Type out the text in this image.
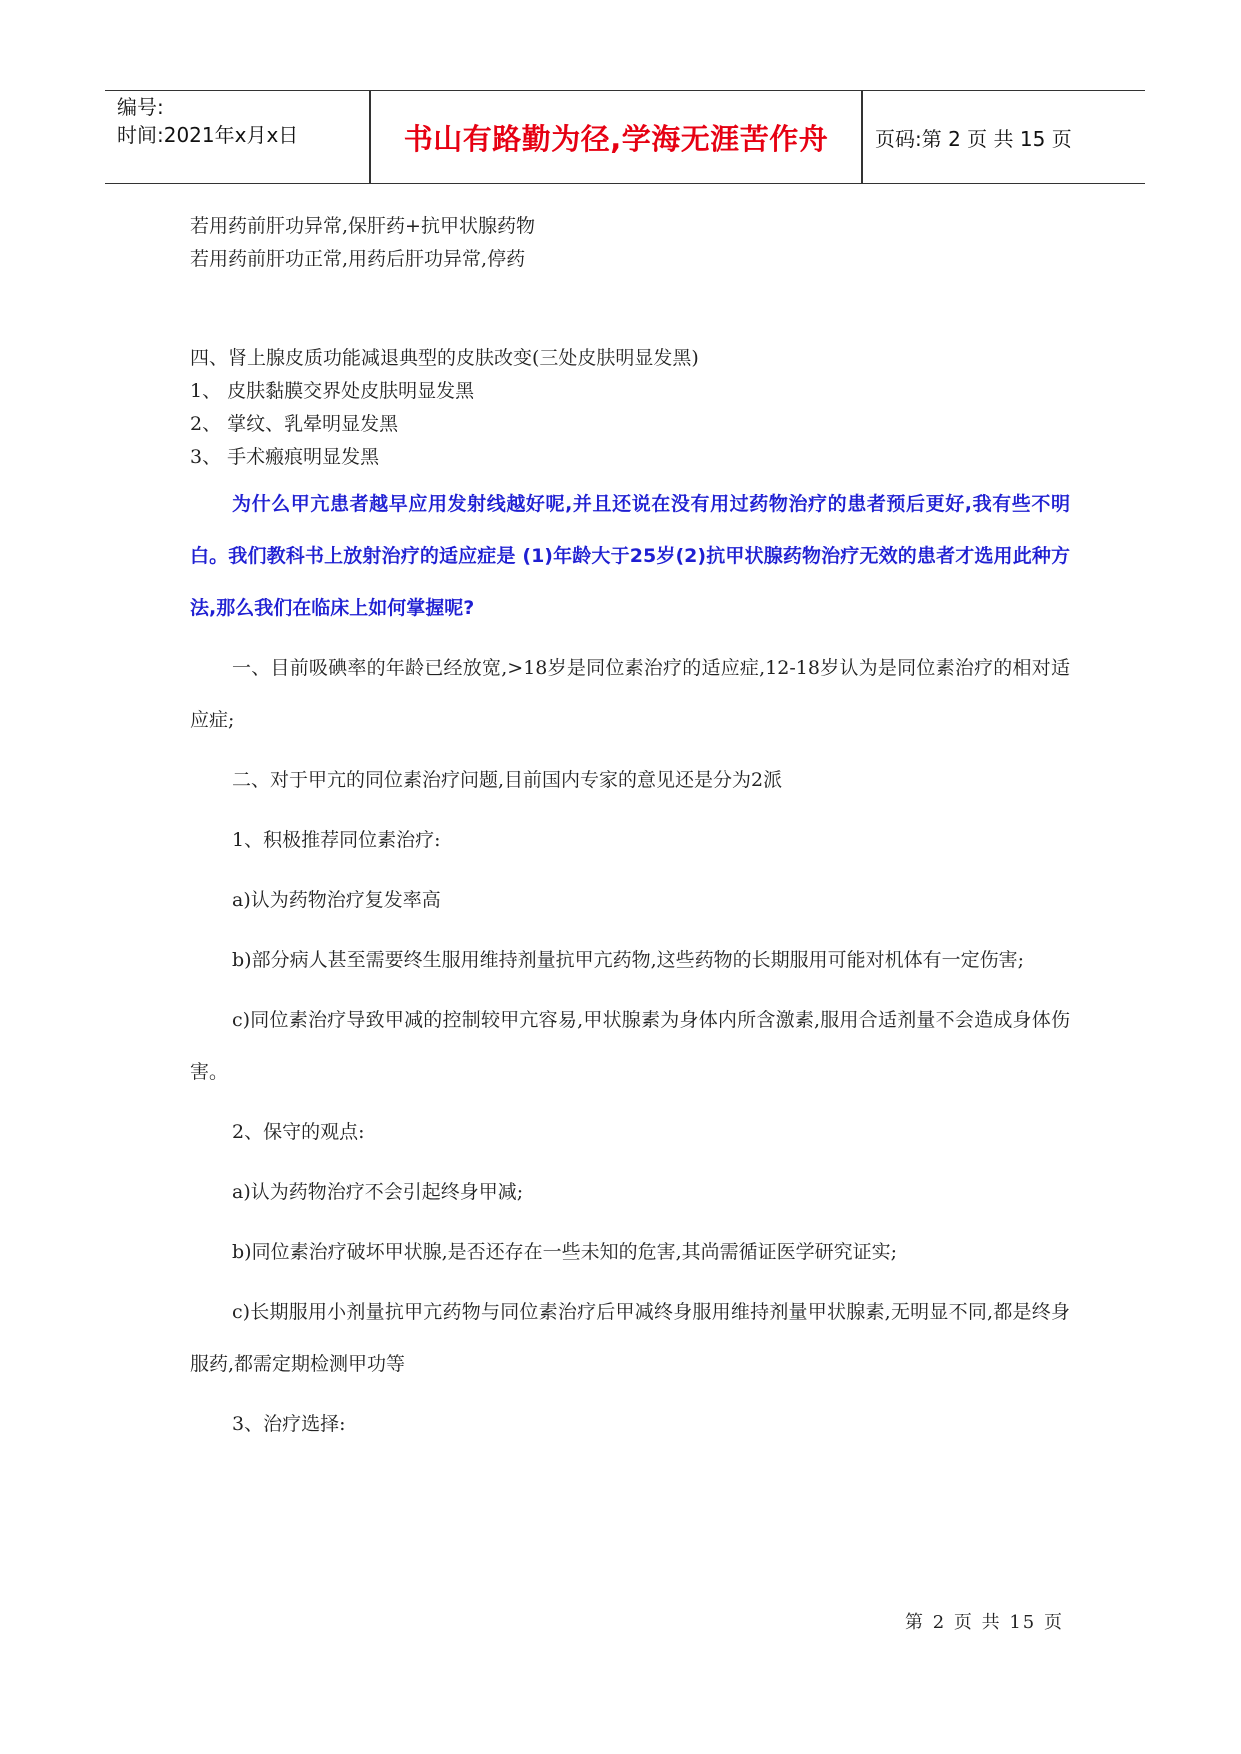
编号:
时间:2021年x月x日	书山有路勤为径,学海无涯苦作舟	页码:第 2 页 共 15 页

若用药前肝功异常,保肝药+抗甲状腺药物

若用药前肝功正常,用药后肝功异常,停药

四、肾上腺皮质功能减退典型的皮肤改变(三处皮肤明显发黑)

1、 皮肤黏膜交界处皮肤明显发黑

2、 掌纹、乳晕明显发黑

3、 手术瘢痕明显发黑

为什么甲亢患者越早应用发射线越好呢,并且还说在没有用过药物治疗的患者预后更好,我有些不明白。我们教科书上放射治疗的适应症是 (1)年龄大于25岁(2)抗甲状腺药物治疗无效的患者才选用此种方法,那么我们在临床上如何掌握呢?

一、目前吸碘率的年龄已经放宽,>18岁是同位素治疗的适应症,12-18岁认为是同位素治疗的相对适应症;

二、对于甲亢的同位素治疗问题,目前国内专家的意见还是分为2派

1、积极推荐同位素治疗:

a)认为药物治疗复发率高

b)部分病人甚至需要终生服用维持剂量抗甲亢药物,这些药物的长期服用可能对机体有一定伤害;

c)同位素治疗导致甲减的控制较甲亢容易,甲状腺素为身体内所含激素,服用合适剂量不会造成身体伤害。

2、保守的观点:

a)认为药物治疗不会引起终身甲减;

b)同位素治疗破坏甲状腺,是否还存在一些未知的危害,其尚需循证医学研究证实;

c)长期服用小剂量抗甲亢药物与同位素治疗后甲减终身服用维持剂量甲状腺素,无明显不同,都是终身服药,都需定期检测甲功等

3、治疗选择:

第 2 页 共 15 页
